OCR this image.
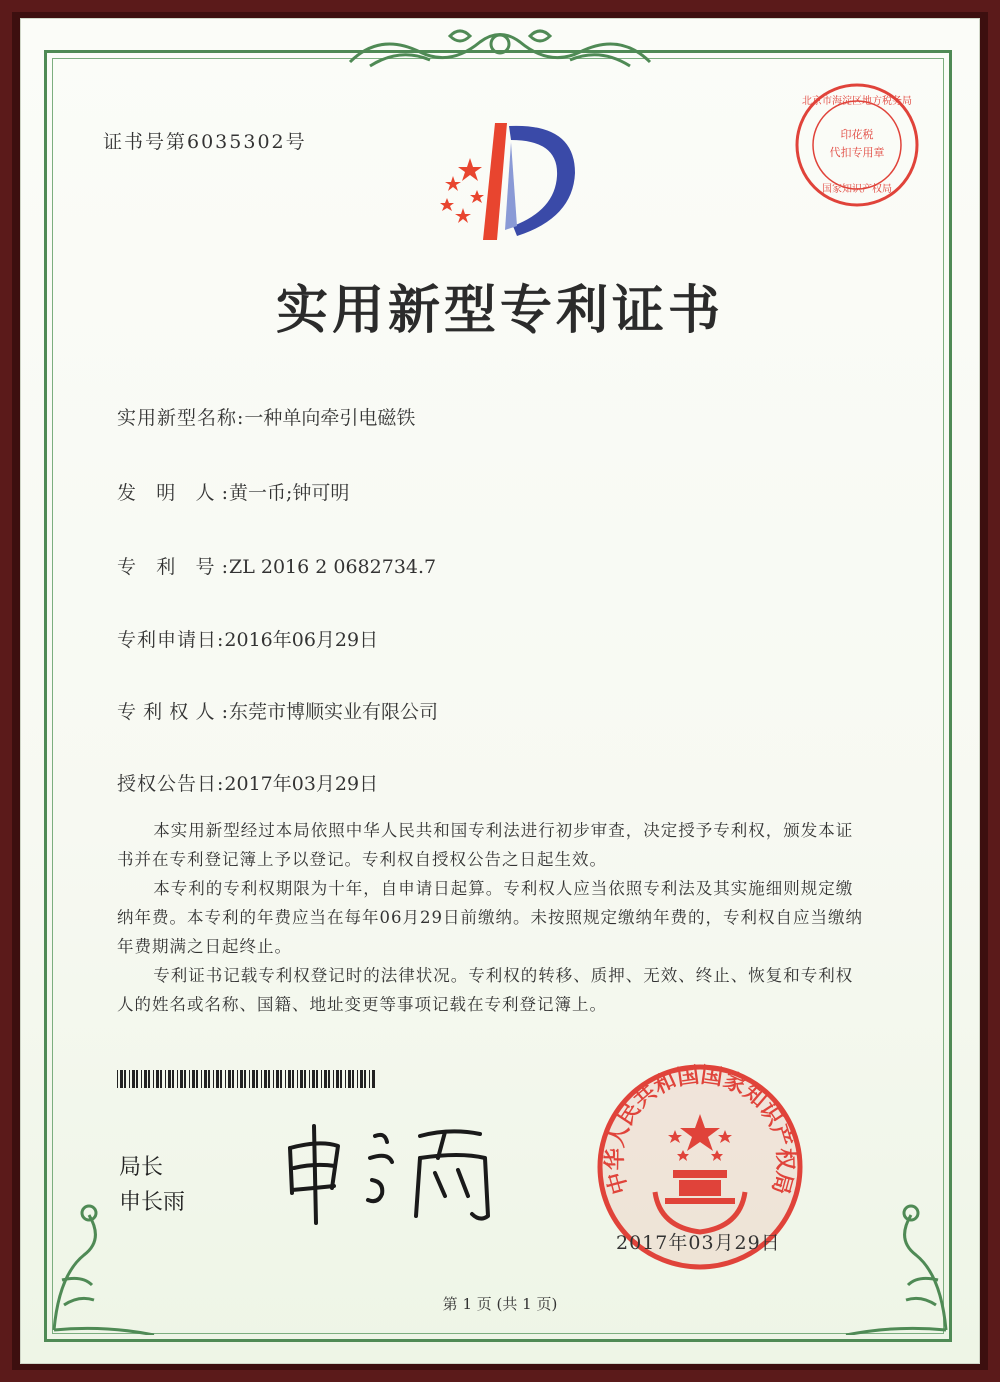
证书号第6035302号
北京市海淀区地方税务局
印花税
代扣专用章
国家知识产权局
实用新型专利证书
实用新型名称:一种单向牵引电磁铁
发 明 人:黄一币;钟可明
专 利 号:ZL 2016 2 0682734.7
专利申请日:2016年06月29日
专利权人:东莞市博顺实业有限公司
授权公告日:2017年03月29日

本实用新型经过本局依照中华人民共和国专利法进行初步审查，决定授予专利权，颁发本证书并在专利登记簿上予以登记。专利权自授权公告之日起生效。

本专利的专利权期限为十年，自申请日起算。专利权人应当依照专利法及其实施细则规定缴纳年费。本专利的年费应当在每年06月29日前缴纳。未按照规定缴纳年费的，专利权自应当缴纳年费期满之日起终止。

专利证书记载专利权登记时的法律状况。专利权的转移、质押、无效、终止、恢复和专利权人的姓名或名称、国籍、地址变更等事项记载在专利登记簿上。

局长
申长雨
中华人民共和国国家知识产权局
2017年03月29日
第 1 页 (共 1 页)
